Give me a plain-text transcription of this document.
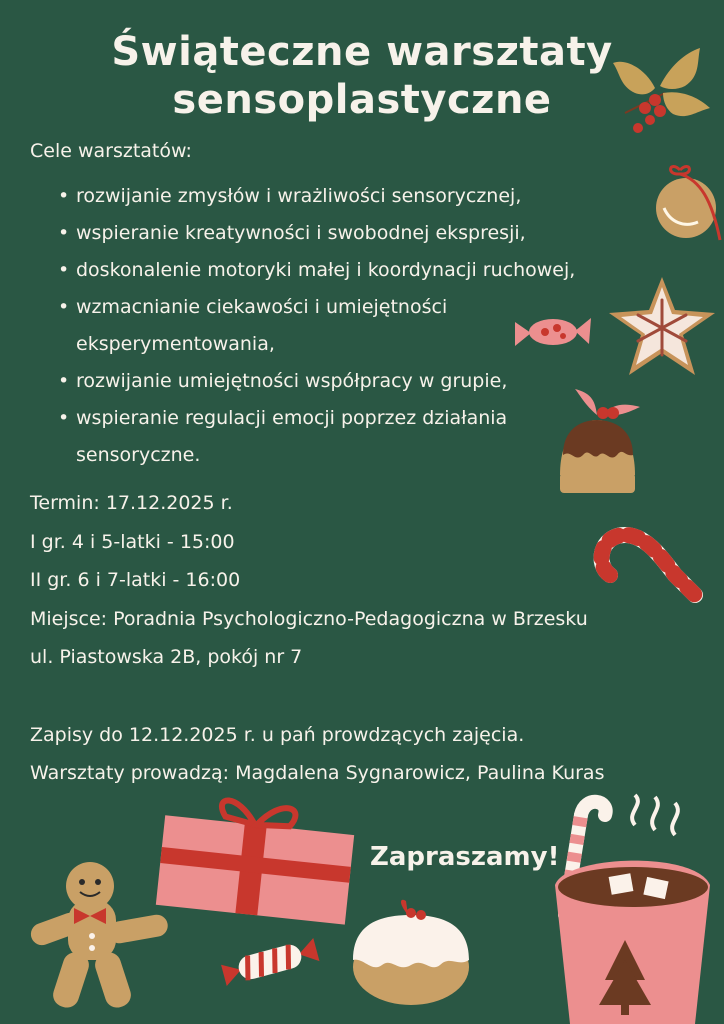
Świąteczne warsztaty
sensoplastyczne
Cele warsztatów:
• rozwijanie zmysłów i wrażliwości sensorycznej,
• wspieranie kreatywności i swobodnej ekspresji,
• doskonalenie motoryki małej i koordynacji ruchowej,
• wzmacnianie ciekawości i umiejętności
eksperymentowania,
• rozwijanie umiejętności współpracy w grupie,
• wspieranie regulacji emocji poprzez działania
sensoryczne.
Termin: 17.12.2025 r.
I gr. 4 i 5-latki - 15:00
II gr. 6 i 7-latki - 16:00
Miejsce: Poradnia Psychologiczno-Pedagogiczna w Brzesku
ul. Piastowska 2B, pokój nr 7
Zapisy do 12.12.2025 r. u pań prowdzących zajęcia.
Warsztaty prowadzą: Magdalena Sygnarowicz, Paulina Kuras
Zapraszamy!
